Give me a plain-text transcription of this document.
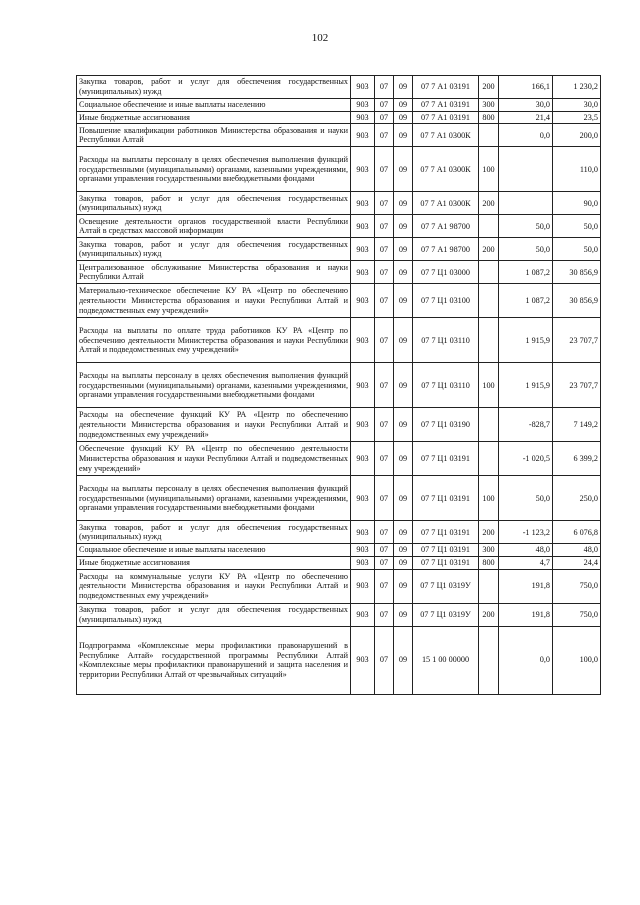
102
Закупка товаров, работ и услуг для обеспечения государственных (муниципальных) нужд	903	07	09	07 7 А1 03191	200	166,1	1 230,2
Социальное обеспечение и иные выплаты населению	903	07	09	07 7 А1 03191	300	30,0	30,0
Иные бюджетные ассигнования	903	07	09	07 7 А1 03191	800	21,4	23,5
Повышение квалификации работников Министерства образования и науки Республики Алтай	903	07	09	07 7 А1 0300К		0,0	200,0
Расходы на выплаты персоналу в целях обеспечения выполнения функций государственными (муниципальными) органами, казенными учреждениями, органами управления государственными внебюджетными фондами	903	07	09	07 7 А1 0300К	100		110,0
Закупка товаров, работ и услуг для обеспечения государственных (муниципальных) нужд	903	07	09	07 7 А1 0300К	200		90,0
Освещение деятельности органов государственной власти Республики Алтай в средствах массовой информации	903	07	09	07 7 А1 98700		50,0	50,0
Закупка товаров, работ и услуг для обеспечения государственных (муниципальных) нужд	903	07	09	07 7 А1 98700	200	50,0	50,0
Централизованное обслуживание Министерства образования и науки Республики Алтай	903	07	09	07 7 Ц1 03000		1 087,2	30 856,9
Материально-техническое обеспечение КУ РА «Центр по обеспечению деятельности Министерства образования и науки Республики Алтай и подведомственных ему учреждений»	903	07	09	07 7 Ц1 03100		1 087,2	30 856,9
Расходы на выплаты по оплате труда работников КУ РА «Центр по обеспечению деятельности Министерства образования и науки Республики Алтай и подведомственных ему учреждений»	903	07	09	07 7 Ц1 03110		1 915,9	23 707,7
Расходы на выплаты персоналу в целях обеспечения выполнения функций государственными (муниципальными) органами, казенными учреждениями, органами управления государственными внебюджетными фондами	903	07	09	07 7 Ц1 03110	100	1 915,9	23 707,7
Расходы на обеспечение функций КУ РА «Центр по обеспечению деятельности Министерства образования и науки Республики Алтай и подведомственных ему учреждений»	903	07	09	07 7 Ц1 03190		-828,7	7 149,2
Обеспечение функций КУ РА «Центр по обеспечению деятельности Министерства образования и науки Республики Алтай и подведомственных ему учреждений»	903	07	09	07 7 Ц1 03191		-1 020,5	6 399,2
Расходы на выплаты персоналу в целях обеспечения выполнения функций государственными (муниципальными) органами, казенными учреждениями, органами управления государственными внебюджетными фондами	903	07	09	07 7 Ц1 03191	100	50,0	250,0
Закупка товаров, работ и услуг для обеспечения государственных (муниципальных) нужд	903	07	09	07 7 Ц1 03191	200	-1 123,2	6 076,8
Социальное обеспечение и иные выплаты населению	903	07	09	07 7 Ц1 03191	300	48,0	48,0
Иные бюджетные ассигнования	903	07	09	07 7 Ц1 03191	800	4,7	24,4
Расходы на коммунальные услуги КУ РА «Центр по обеспечению деятельности Министерства образования и науки Республики Алтай и подведомственных ему учреждений»	903	07	09	07 7 Ц1 0319У		191,8	750,0
Закупка товаров, работ и услуг для обеспечения государственных (муниципальных) нужд	903	07	09	07 7 Ц1 0319У	200	191,8	750,0
Подпрограмма «Комплексные меры профилактики правонарушений в Республике Алтай» государственной программы Республики Алтай «Комплексные меры профилактики правонарушений и защита населения и территории Республики Алтай от чрезвычайных ситуаций»	903	07	09	15 1 00 00000		0,0	100,0
